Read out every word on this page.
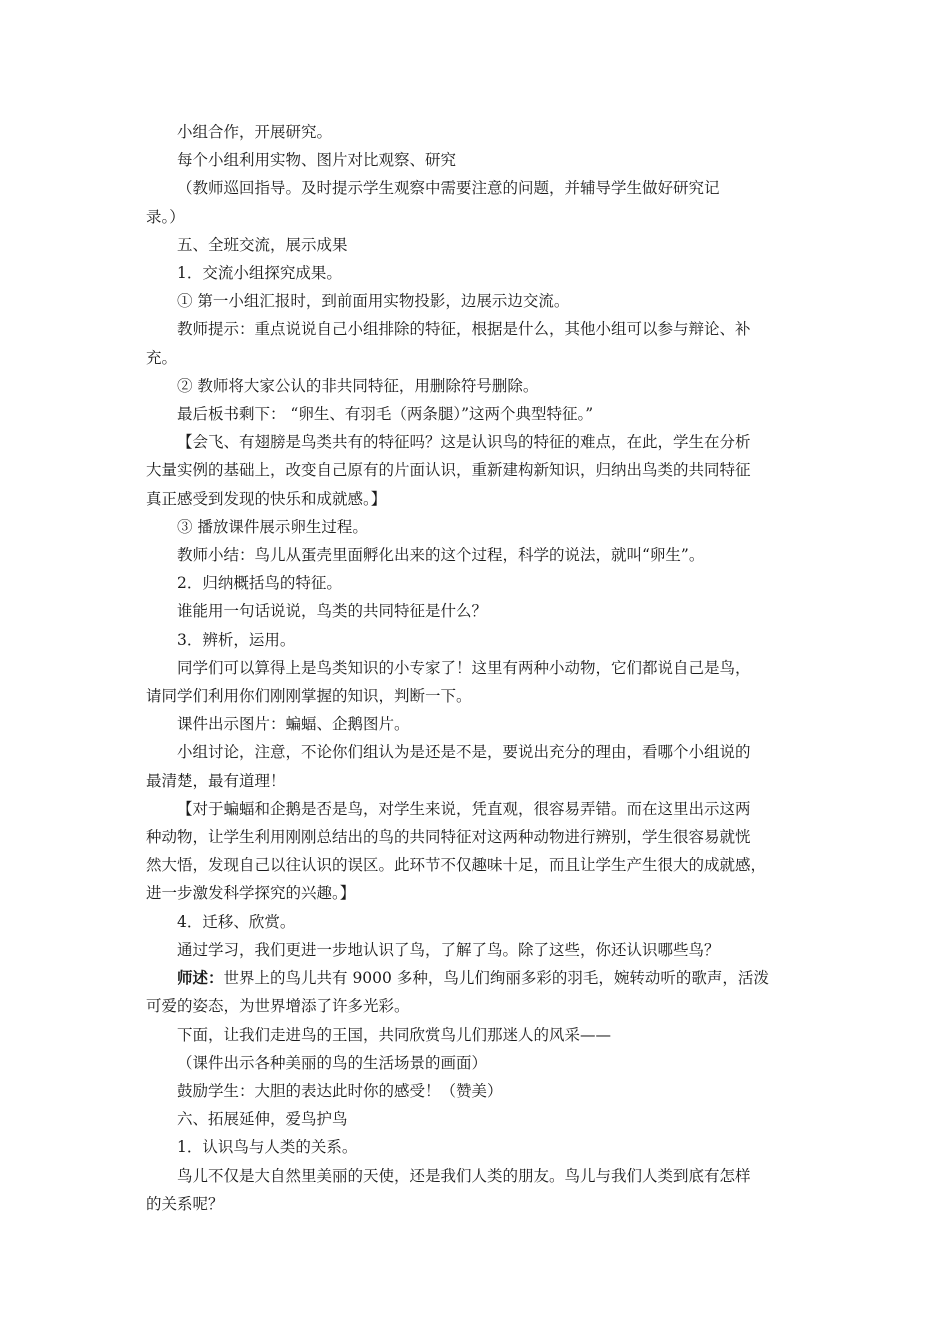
小组合作，开展研究。
每个小组利用实物、图片对比观察、研究
（教师巡回指导。及时提示学生观察中需要注意的问题，并辅导学生做好研究记
录。）
五、全班交流，展示成果
1．交流小组探究成果。
① 第一小组汇报时，到前面用实物投影，边展示边交流。
教师提示：重点说说自己小组排除的特征，根据是什么，其他小组可以参与辩论、补
充。
② 教师将大家公认的非共同特征，用删除符号删除。
最后板书剩下： “卵生、有羽毛（两条腿）”这两个典型特征。”
【会飞、有翅膀是鸟类共有的特征吗？这是认识鸟的特征的难点，在此，学生在分析
大量实例的基础上，改变自己原有的片面认识，重新建构新知识，归纳出鸟类的共同特征
真正感受到发现的快乐和成就感。】
③ 播放课件展示卵生过程。
教师小结：鸟儿从蛋壳里面孵化出来的这个过程，科学的说法，就叫“卵生”。
2．归纳概括鸟的特征。
谁能用一句话说说，鸟类的共同特征是什么？
3．辨析，运用。
同学们可以算得上是鸟类知识的小专家了！这里有两种小动物，它们都说自己是鸟，
请同学们利用你们刚刚掌握的知识，判断一下。
课件出示图片：蝙蝠、企鹅图片。
小组讨论，注意，不论你们组认为是还是不是，要说出充分的理由，看哪个小组说的
最清楚，最有道理！
【对于蝙蝠和企鹅是否是鸟，对学生来说，凭直观，很容易弄错。而在这里出示这两
种动物，让学生利用刚刚总结出的鸟的共同特征对这两种动物进行辨别，学生很容易就恍
然大悟，发现自己以往认识的误区。此环节不仅趣味十足，而且让学生产生很大的成就感，
进一步激发科学探究的兴趣。】
4．迁移、欣赏。
通过学习，我们更进一步地认识了鸟，了解了鸟。除了这些，你还认识哪些鸟？
师述：世界上的鸟儿共有 9000 多种，鸟儿们绚丽多彩的羽毛，婉转动听的歌声，活泼
可爱的姿态，为世界增添了许多光彩。
下面，让我们走进鸟的王国，共同欣赏鸟儿们那迷人的风采——
（课件出示各种美丽的鸟的生活场景的画面）
鼓励学生：大胆的表达此时你的感受！（赞美）
六、拓展延伸，爱鸟护鸟
1．认识鸟与人类的关系。
鸟儿不仅是大自然里美丽的天使，还是我们人类的朋友。鸟儿与我们人类到底有怎样
的关系呢？
